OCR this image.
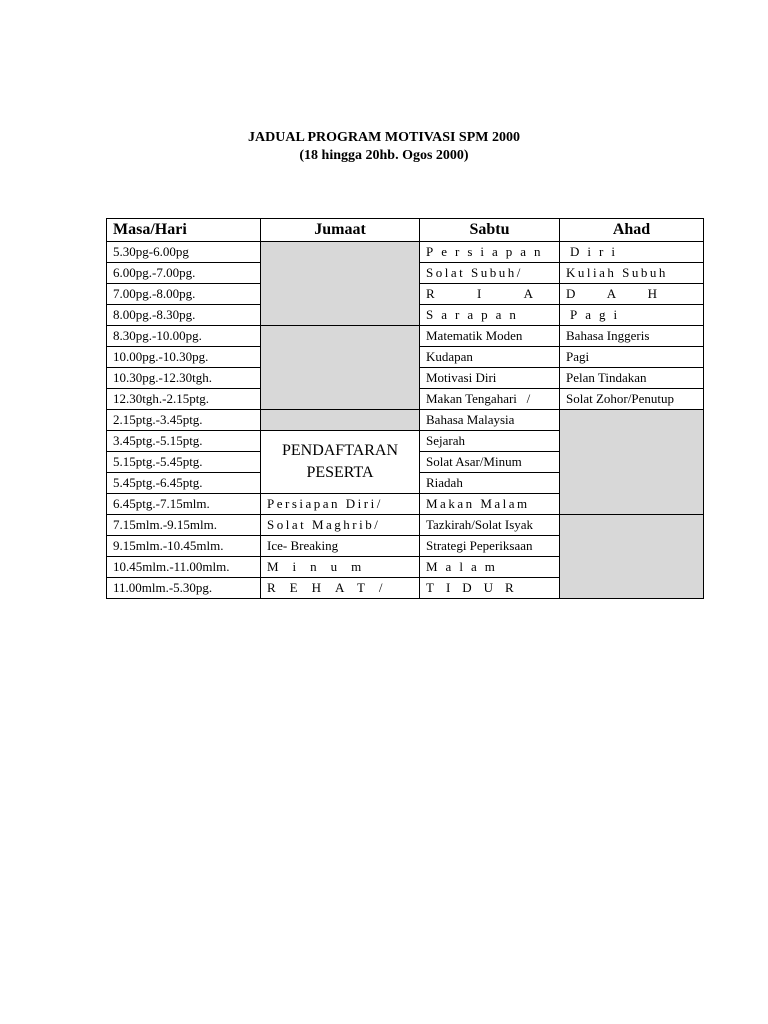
JADUAL PROGRAM MOTIVASI SPM 2000
(18 hingga 20hb. Ogos 2000)
Masa/Hari	Jumaat	Sabtu	Ahad
5.30pg-6.00pg		Persiapan	Diri
6.00pg.-7.00pg.		Solat Subuh/	Kuliah Subuh
7.00pg.-8.00pg.		R I A	D A H

8.00pg.-8.30pg.		Sarapan	Pagi
8.30pg.-10.00pg.		Matematik Moden	Bahasa Inggeris
10.00pg.-10.30pg.		Kudapan	Pagi
10.30pg.-12.30tgh.		Motivasi Diri	Pelan Tindakan
12.30tgh.-2.15ptg.		Makan Tengahari   /	Solat Zohor/Penutup
2.15ptg.-3.45ptg.		Bahasa Malaysia	
3.45ptg.-5.15ptg.	PENDAFTARAN PESERTA	Sejarah	
5.15ptg.-5.45ptg.		Solat Asar/Minum	
5.45ptg.-6.45ptg.		Riadah	
6.45ptg.-7.15mlm.	Persiapan Diri/	Makan Malam	
7.15mlm.-9.15mlm.	Solat Maghrib/	Tazkirah/Solat Isyak	
9.15mlm.-10.45mlm.	Ice- Breaking	Strategi Peperiksaan	
10.45mlm.-11.00mlm.	Minum	Malam	
11.00mlm.-5.30pg.	REHAT/	TIDUR	
